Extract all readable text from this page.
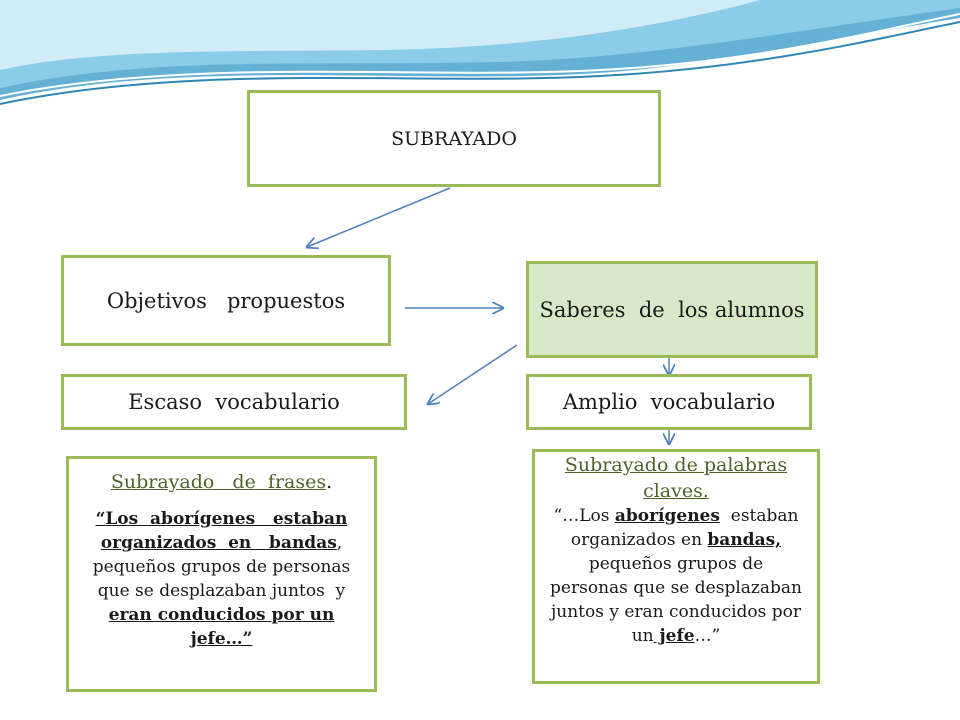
SUBRAYADO
Objetivos   propuestos	Saberes  de  los alumnos
Escaso  vocabulario	Amplio  vocabulario
Subrayado   de  frases.
“Los  aborígenes   estaban
organizados  en   bandas,
pequeños grupos de personas
que se desplazaban juntos  y
eran conducidos por un
jefe…”
Subrayado de palabras
claves.
“…Los aborígenes  estaban
organizados en bandas,
pequeños grupos de
personas que se desplazaban
juntos y eran conducidos por
un jefe…”
